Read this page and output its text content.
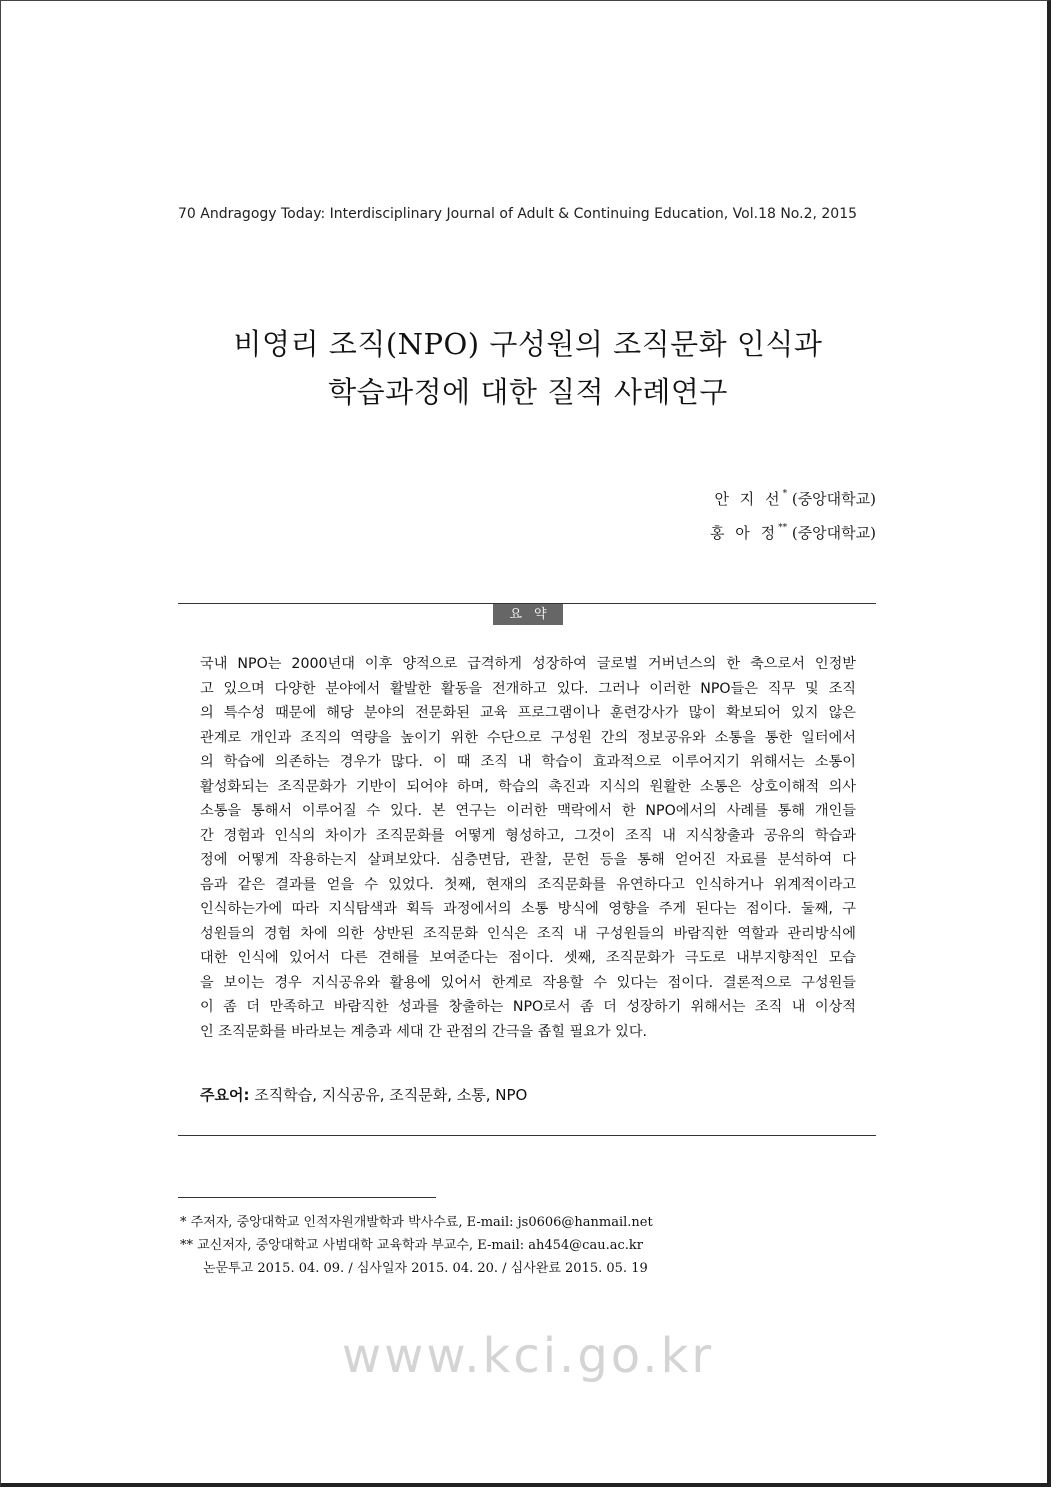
70 Andragogy Today: Interdisciplinary Journal of Adult & Continuing Education, Vol.18 No.2, 2015
비영리 조직(NPO) 구성원의 조직문화 인식과
학습과정에 대한 질적 사례연구
안 지 선* (중앙대학교)
홍 아 정** (중앙대학교)
요약
국내 NPO는 2000년대 이후 양적으로 급격하게 성장하여 글로벌 거버넌스의 한 축으로서 인정받
고 있으며 다양한 분야에서 활발한 활동을 전개하고 있다. 그러나 이러한 NPO들은 직무 및 조직
의 특수성 때문에 해당 분야의 전문화된 교육 프로그램이나 훈련강사가 많이 확보되어 있지 않은
관계로 개인과 조직의 역량을 높이기 위한 수단으로 구성원 간의 정보공유와 소통을 통한 일터에서
의 학습에 의존하는 경우가 많다. 이 때 조직 내 학습이 효과적으로 이루어지기 위해서는 소통이
활성화되는 조직문화가 기반이 되어야 하며, 학습의 촉진과 지식의 원활한 소통은 상호이해적 의사
소통을 통해서 이루어질 수 있다. 본 연구는 이러한 맥락에서 한 NPO에서의 사례를 통해 개인들
간 경험과 인식의 차이가 조직문화를 어떻게 형성하고, 그것이 조직 내 지식창출과 공유의 학습과
정에 어떻게 작용하는지 살펴보았다. 심층면담, 관찰, 문헌 등을 통해 얻어진 자료를 분석하여 다
음과 같은 결과를 얻을 수 있었다. 첫째, 현재의 조직문화를 유연하다고 인식하거나 위계적이라고
인식하는가에 따라 지식탐색과 획득 과정에서의 소통 방식에 영향을 주게 된다는 점이다. 둘째, 구
성원들의 경험 차에 의한 상반된 조직문화 인식은 조직 내 구성원들의 바람직한 역할과 관리방식에
대한 인식에 있어서 다른 견해를 보여준다는 점이다. 셋째, 조직문화가 극도로 내부지향적인 모습
을 보이는 경우 지식공유와 활용에 있어서 한계로 작용할 수 있다는 점이다. 결론적으로 구성원들
이 좀 더 만족하고 바람직한 성과를 창출하는 NPO로서 좀 더 성장하기 위해서는 조직 내 이상적
인 조직문화를 바라보는 계층과 세대 간 관점의 간극을 좁힐 필요가 있다.
주요어: 조직학습, 지식공유, 조직문화, 소통, NPO
* 주저자, 중앙대학교 인적자원개발학과 박사수료, E-mail: js0606@hanmail.net
** 교신저자, 중앙대학교 사범대학 교육학과 부교수, E-mail: ah454@cau.ac.kr
논문투고 2015. 04. 09. / 심사일자 2015. 04. 20. / 심사완료 2015. 05. 19
www.kci.go.kr
